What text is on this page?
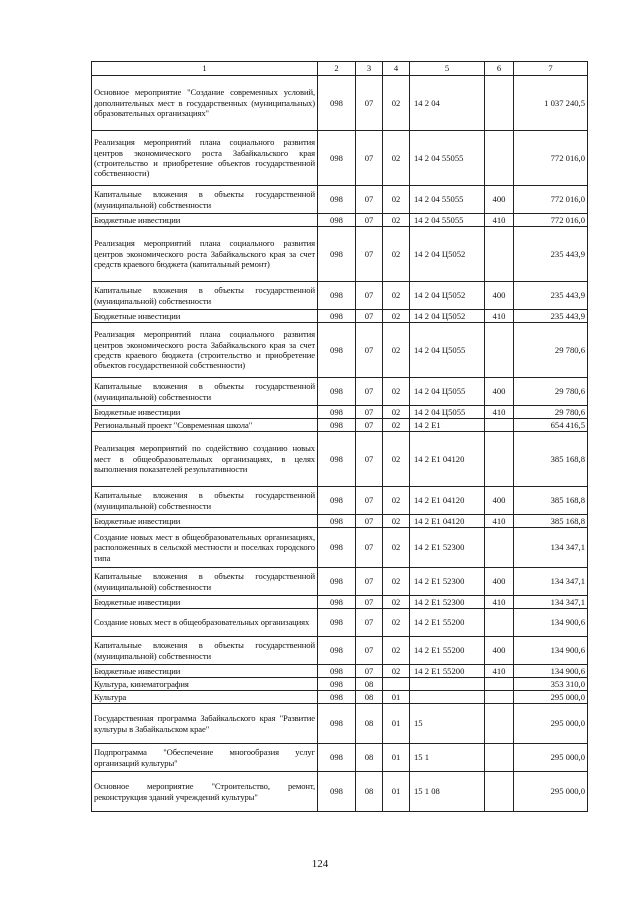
1	2	3	4	5	6	7
Основное мероприятие "Создание современных условий, дополнительных мест в государственных (муниципальных) образовательных организациях"	098	07	02	14 2 04		1 037 240,5
Реализация мероприятий плана социального развития центров экономического роста Забайкальского края (строительство и приобретение объектов государственной собственности)	098	07	02	14 2 04 55055		772 016,0
Капитальные вложения в объекты государственной (муниципальной) собственности	098	07	02	14 2 04 55055	400	772 016,0
Бюджетные инвестиции	098	07	02	14 2 04 55055	410	772 016,0
Реализация мероприятий плана социального развития центров экономического роста Забайкальского края за счет средств краевого бюджета (капитальный ремонт)	098	07	02	14 2 04 Ц5052		235 443,9
Капитальные вложения в объекты государственной (муниципальной) собственности	098	07	02	14 2 04 Ц5052	400	235 443,9
Бюджетные инвестиции	098	07	02	14 2 04 Ц5052	410	235 443,9
Реализация мероприятий плана социального развития центров экономического роста Забайкальского края за счет средств краевого бюджета (строительство и приобретение объектов государственной собственности)	098	07	02	14 2 04 Ц5055		29 780,6
Капитальные вложения в объекты государственной (муниципальной) собственности	098	07	02	14 2 04 Ц5055	400	29 780,6
Бюджетные инвестиции	098	07	02	14 2 04 Ц5055	410	29 780,6
Региональный проект "Современная школа"	098	07	02	14 2 E1		654 416,5
Реализация мероприятий по содействию созданию новых мест в общеобразовательных организациях, в целях выполнения показателей результативности	098	07	02	14 2 E1 04120		385 168,8
Капитальные вложения в объекты государственной (муниципальной) собственности	098	07	02	14 2 E1 04120	400	385 168,8
Бюджетные инвестиции	098	07	02	14 2 E1 04120	410	385 168,8
Создание новых мест в общеобразовательных организациях, расположенных в сельской местности и поселках городского типа	098	07	02	14 2 E1 52300		134 347,1
Капитальные вложения в объекты государственной (муниципальной) собственности	098	07	02	14 2 E1 52300	400	134 347,1
Бюджетные инвестиции	098	07	02	14 2 E1 52300	410	134 347,1
Создание новых мест в общеобразовательных организациях	098	07	02	14 2 E1 55200		134 900,6
Капитальные вложения в объекты государственной (муниципальной) собственности	098	07	02	14 2 E1 55200	400	134 900,6
Бюджетные инвестиции	098	07	02	14 2 E1 55200	410	134 900,6
Культура, кинематография	098	08				353 310,0
Культура	098	08	01			295 000,0
Государственная программа Забайкальского края "Развитие культуры в Забайкальском крае"	098	08	01	15		295 000,0
Подпрограмма "Обеспечение многообразия услуг организаций культуры"	098	08	01	15 1		295 000,0
Основное мероприятие "Строительство, ремонт, реконструкция зданий учреждений культуры"	098	08	01	15 1 08		295 000,0
124
